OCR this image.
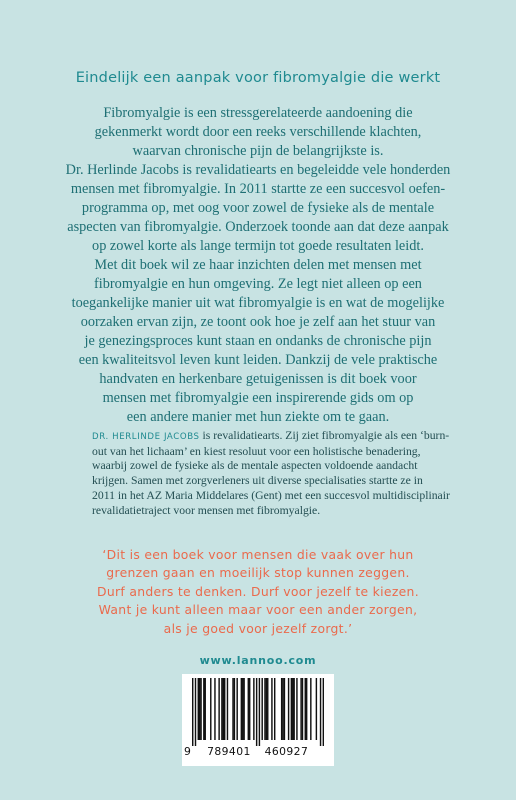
Eindelijk een aanpak voor fibromyalgie die werkt

Fibromyalgie is een stressgerelateerde aandoening die

gekenmerkt wordt door een reeks verschillende klachten,

waarvan chronische pijn de belangrijkste is.

Dr. Herlinde Jacobs is revalidatiearts en begeleidde vele honderden

mensen met fibromyalgie. In 2011 startte ze een succesvol oefen-

programma op, met oog voor zowel de fysieke als de mentale

aspecten van fibromyalgie. Onderzoek toonde aan dat deze aanpak

op zowel korte als lange termijn tot goede resultaten leidt.

Met dit boek wil ze haar inzichten delen met mensen met

fibromyalgie en hun omgeving. Ze legt niet alleen op een

toegankelijke manier uit wat fibromyalgie is en wat de mogelijke

oorzaken ervan zijn, ze toont ook hoe je zelf aan het stuur van

je genezingsproces kunt staan en ondanks de chronische pijn

een kwaliteitsvol leven kunt leiden. Dankzij de vele praktische

handvaten en herkenbare getuigenissen is dit boek voor

mensen met fibromyalgie een inspirerende gids om op

een andere manier met hun ziekte om te gaan.

DR. HERLINDE JACOBS is revalidatiearts. Zij ziet fibromyalgie als een ‘burn-

out van het lichaam’ en kiest resoluut voor een holistische benadering,

waarbij zowel de fysieke als de mentale aspecten voldoende aandacht

krijgen. Samen met zorgverleners uit diverse specialisaties startte ze in

2011 in het AZ Maria Middelares (Gent) met een succesvol multidisciplinair

revalidatietraject voor mensen met fibromyalgie.

‘Dit is een boek voor mensen die vaak over hun

grenzen gaan en moeilijk stop kunnen zeggen.

Durf anders te denken. Durf voor jezelf te kiezen.

Want je kunt alleen maar voor een ander zorgen,

als je goed voor jezelf zorgt.’

www.lannoo.com
9 789401 460927
